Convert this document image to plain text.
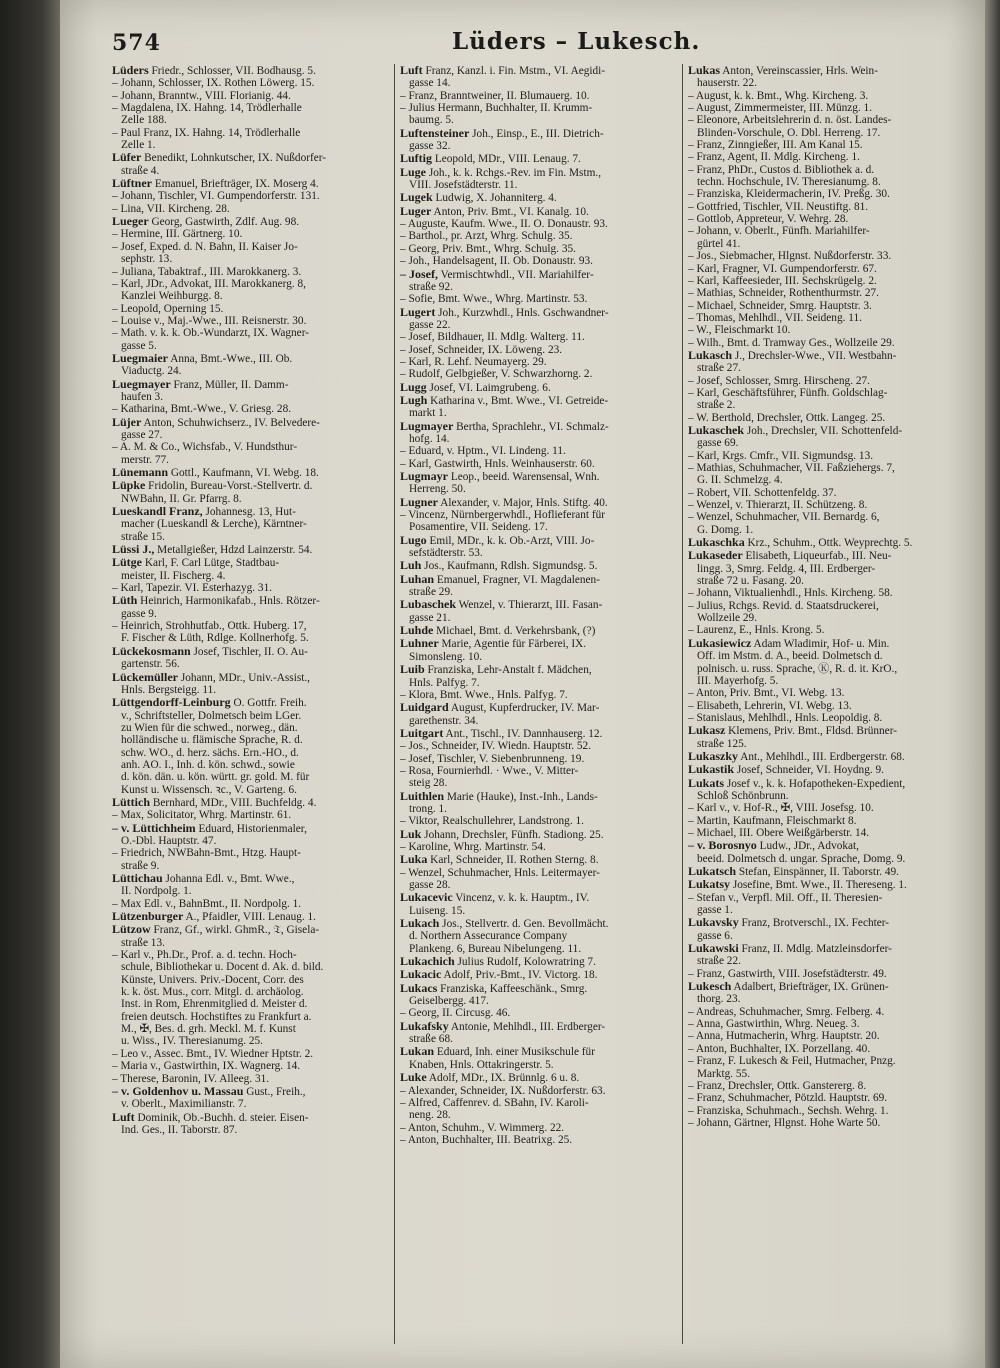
574	Lüders – Lukesch.

Lüders Friedr., Schlosser, VII. Bodhausg. 5.

– Johann, Schlosser, IX. Rothen Löwerg. 15.

– Johann, Branntw., VIII. Florianig. 44.

– Magdalena, IX. Hahng. 14, Trödlerhalle
Zelle 188.

– Paul Franz, IX. Hahng. 14, Trödlerhalle
Zelle 1.

Lüfer Benedikt, Lohnkutscher, IX. Nußdorfer-
straße 4.

Lüftner Emanuel, Briefträger, IX. Moserg 4.

– Johann, Tischler, VI. Gumpendorferstr. 131.

– Lina, VII. Kircheng. 28.

Lueger Georg, Gastwirth, Zdlf. Aug. 98.

– Hermine, III. Gärtnerg. 10.

– Josef, Exped. d. N. Bahn, II. Kaiser Jo-
sephstr. 13.

– Juliana, Tabaktraf., III. Marokkanerg. 3.

– Karl, JDr., Advokat, III. Marokkanerg. 8,
Kanzlei Weihburgg. 8.

– Leopold, Operning 15.

– Louise v., Maj.-Wwe., III. Reisnerstr. 30.

– Math. v. k. k. Ob.-Wundarzt, IX. Wagner-
gasse 5.

Luegmaier Anna, Bmt.-Wwe., III. Ob.
Viaductg. 24.

Luegmayer Franz, Müller, II. Damm-
haufen 3.

– Katharina, Bmt.-Wwe., V. Griesg. 28.

Lüjer Anton, Schuhwichserz., IV. Belvedere-
gasse 27.

– A. M. & Co., Wichsfab., V. Hundsthur-
merstr. 77.

Lünemann Gottl., Kaufmann, VI. Webg. 18.

Lüpke Fridolin, Bureau-Vorst.-Stellvertr. d.
NWBahn, II. Gr. Pfarrg. 8.

Lueskandl Franz, Johannesg. 13, Hut-
macher (Lueskandl & Lerche), Kärntner-
straße 15.

Lüssi J., Metallgießer, Hdzd Lainzerstr. 54.

Lütge Karl, F. Carl Lütge, Stadtbau-
meister, II. Fischerg. 4.

– Karl, Tapezir. VI. Esterhazyg. 31.

Lüth Heinrich, Harmonikafab., Hnls. Rötzer-
gasse 9.

– Heinrich, Strohhutfab., Ottk. Huberg. 17,
F. Fischer & Lüth, Rdlge. Kollnerhofg. 5.

Lückekosmann Josef, Tischler, II. O. Au-
gartenstr. 56.

Lückemüller Johann, MDr., Univ.-Assist.,
Hnls. Bergsteigg. 11.

Lüttgendorff-Leinburg O. Gottfr. Freih.
v., Schriftsteller, Dolmetsch beim LGer.
zu Wien für die schwed., norweg., dän.
holländische u. flämische Sprache, R. d.
schw. WO., d. herz. sächs. Ern.-HO., d.
anh. AO. I., Inh. d. kön. schwd., sowie
d. kön. dän. u. kön. württ. gr. gold. M. für
Kunst u. Wissensch. ꝛc., V. Garteng. 6.

Lüttich Bernhard, MDr., VIII. Buchfeldg. 4.

– Max, Solicitator, Whrg. Martinstr. 61.

– v. Lüttichheim Eduard, Historienmaler,
O.-Dbl. Hauptstr. 47.

– Friedrich, NWBahn-Bmt., Htzg. Haupt-
straße 9.

Lüttichau Johanna Edl. v., Bmt. Wwe.,
II. Nordpolg. 1.

– Max Edl. v., BahnBmt., II. Nordpolg. 1.

Lützenburger A., Pfaidler, VIII. Lenaug. 1.

Lützow Franz, Gf., wirkl. GhmR., 𝔗, Gisela-
straße 13.

– Karl v., Ph.Dr., Prof. a. d. techn. Hoch-
schule, Bibliothekar u. Docent d. Ak. d. bild.
Künste, Univers. Priv.-Docent, Corr. des
k. k. öst. Mus., corr. Mitgl. d. archäolog.
Inst. in Rom, Ehrenmitglied d. Meister d.
freien deutsch. Hochstiftes zu Frankfurt a.
M., ✠, Bes. d. grh. Meckl. M. f. Kunst
u. Wiss., IV. Theresianumg. 25.

– Leo v., Assec. Bmt., IV. Wiedner Hptstr. 2.

– Maria v., Gastwirthin, IX. Wagnerg. 14.

– Therese, Baronin, IV. Alleeg. 31.

– v. Goldenhov u. Massau Gust., Freih.,
v. Oberlt., Maximilianstr. 7.

Luft Dominik, Ob.-Buchh. d. steier. Eisen-
Ind. Ges., II. Taborstr. 87.

Luft Franz, Kanzl. i. Fin. Mstm., VI. Aegidi-
gasse 14.

– Franz, Branntweiner, II. Blumauerg. 10.

– Julius Hermann, Buchhalter, II. Krumm-
baumg. 5.

Luftensteiner Joh., Einsp., E., III. Dietrich-
gasse 32.

Luftig Leopold, MDr., VIII. Lenaug. 7.

Luge Joh., k. k. Rchgs.-Rev. im Fin. Mstm.,
VIII. Josefstädterstr. 11.

Lugek Ludwig, X. Johanniterg. 4.

Luger Anton, Priv. Bmt., VI. Kanalg. 10.

– Auguste, Kaufm. Wwe., II. O. Donaustr. 93.

– Barthol., pr. Arzt, Whrg. Schulg. 35.

– Georg, Priv. Bmt., Whrg. Schulg. 35.

– Joh., Handelsagent, II. Ob. Donaustr. 93.

– Josef, Vermischtwhdl., VII. Mariahilfer-
straße 92.

– Sofie, Bmt. Wwe., Whrg. Martinstr. 53.

Lugert Joh., Kurzwhdl., Hnls. Gschwandner-
gasse 22.

– Josef, Bildhauer, II. Mdlg. Walterg. 11.

– Josef, Schneider, IX. Löweng. 23.

– Karl, R. Lehf. Neumayerg. 29.

– Rudolf, Gelbgießer, V. Schwarzhorng. 2.

Lugg Josef, VI. Laimgrubeng. 6.

Lugh Katharina v., Bmt. Wwe., VI. Getreide-
markt 1.

Lugmayer Bertha, Sprachlehr., VI. Schmalz-
hofg. 14.

– Eduard, v. Hptm., VI. Lindeng. 11.

– Karl, Gastwirth, Hnls. Weinhauserstr. 60.

Lugmayr Leop., beeid. Warensensal, Wnh.
Herreng. 50.

Lugner Alexander, v. Major, Hnls. Stiftg. 40.

– Vincenz, Nürnbergerwhdl., Hoflieferant für
Posamentire, VII. Seideng. 17.

Lugo Emil, MDr., k. k. Ob.-Arzt, VIII. Jo-
sefstädterstr. 53.

Luh Jos., Kaufmann, Rdlsh. Sigmundsg. 5.

Luhan Emanuel, Fragner, VI. Magdalenen-
straße 29.

Lubaschek Wenzel, v. Thierarzt, III. Fasan-
gasse 21.

Luhde Michael, Bmt. d. Verkehrsbank, (?)

Luhner Marie, Agentie für Färberei, IX.
Simonsleng. 10.

Luib Franziska, Lehr-Anstalt f. Mädchen,
Hnls. Palfyg. 7.

– Klora, Bmt. Wwe., Hnls. Palfyg. 7.

Luidgard August, Kupferdrucker, IV. Mar-
garethenstr. 34.

Luitgart Ant., Tischl., IV. Dannhauserg. 12.

– Jos., Schneider, IV. Wiedn. Hauptstr. 52.

– Josef, Tischler, V. Siebenbrunneng. 19.

– Rosa, Fournierhdl. · Wwe., V. Mitter-
steig 28.

Luithlen Marie (Hauke), Inst.-Inh., Lands-
trong. 1.

– Viktor, Realschullehrer, Landstrong. 1.

Luk Johann, Drechsler, Fünfh. Stadiong. 25.

– Karoline, Whrg. Martinstr. 54.

Luka Karl, Schneider, II. Rothen Sterng. 8.

– Wenzel, Schuhmacher, Hnls. Leitermayer-
gasse 28.

Lukacevic Vincenz, v. k. k. Hauptm., IV.
Luiseng. 15.

Lukach Jos., Stellvertr. d. Gen. Bevollmächt.
d. Northern Assecurance Company
Plankeng. 6, Bureau Nibelungeng. 11.

Lukachich Julius Rudolf, Kolowratring 7.

Lukacic Adolf, Priv.-Bmt., IV. Victorg. 18.

Lukacs Franziska, Kaffeeschänk., Smrg.
Geiselbergg. 417.

– Georg, II. Circusg. 46.

Lukafsky Antonie, Mehlhdl., III. Erdberger-
straße 68.

Lukan Eduard, Inh. einer Musikschule für
Knaben, Hnls. Ottakringerstr. 5.

Luke Adolf, MDr., IX. Brünnlg. 6 u. 8.

– Alexander, Schneider, IX. Nußdorferstr. 63.

– Alfred, Caffenrev. d. SBahn, IV. Karoli-
neng. 28.

– Anton, Schuhm., V. Wimmerg. 22.

– Anton, Buchhalter, III. Beatrixg. 25.

Lukas Anton, Vereinscassier, Hrls. Wein-
hauserstr. 22.

– August, k. k. Bmt., Whg. Kircheng. 3.

– August, Zimmermeister, III. Münzg. 1.

– Eleonore, Arbeitslehrerin d. n. öst. Landes-
Blinden-Vorschule, O. Dbl. Herreng. 17.

– Franz, Zinngießer, III. Am Kanal 15.

– Franz, Agent, II. Mdlg. Kircheng. 1.

– Franz, PhDr., Custos d. Bibliothek a. d.
techn. Hochschule, IV. Theresianumg. 8.

– Franziska, Kleidermacherin, IV. Preßg. 30.

– Gottfried, Tischler, VII. Neustiftg. 81.

– Gottlob, Appreteur, V. Wehrg. 28.

– Johann, v. Oberlt., Fünfh. Mariahilfer-
gürtel 41.

– Jos., Siebmacher, Hlgnst. Nußdorferstr. 33.

– Karl, Fragner, VI. Gumpendorferstr. 67.

– Karl, Kaffeesieder, III. Sechskrügelg. 2.

– Mathias, Schneider, Rothenthurmstr. 27.

– Michael, Schneider, Smrg. Hauptstr. 3.

– Thomas, Mehlhdl., VII. Seideng. 11.

– W., Fleischmarkt 10.

– Wilh., Bmt. d. Tramway Ges., Wollzeile 29.

Lukasch J., Drechsler-Wwe., VII. Westbahn-
straße 27.

– Josef, Schlosser, Smrg. Hirscheng. 27.

– Karl, Geschäftsführer, Fünfh. Goldschlag-
straße 2.

– W. Berthold, Drechsler, Ottk. Langeg. 25.

Lukaschek Joh., Drechsler, VII. Schottenfeld-
gasse 69.

– Karl, Krgs. Cmfr., VII. Sigmundsg. 13.

– Mathias, Schuhmacher, VII. Faßziehergs. 7,
G. II. Schmelzg. 4.

– Robert, VII. Schottenfeldg. 37.

– Wenzel, v. Thierarzt, II. Schützeng. 8.

– Wenzel, Schuhmacher, VII. Bernardg. 6,
G. Domg. 1.

Lukaschka Krz., Schuhm., Ottk. Weyprechtg. 5.

Lukaseder Elisabeth, Liqueurfab., III. Neu-
lingg. 3, Smrg. Feldg. 4, III. Erdberger-
straße 72 u. Fasang. 20.

– Johann, Viktualienhdl., Hnls. Kircheng. 58.

– Julius, Rchgs. Revid. d. Staatsdruckerei,
Wollzeile 29.

– Laurenz, E., Hnls. Krong. 5.

Lukasiewicz Adam Wladimir, Hof- u. Min.
Off. im Mstm. d. A., beeid. Dolmetsch d.
polnisch. u. russ. Sprache, Ⓚ, R. d. it. KrO.,
III. Mayerhofg. 5.

– Anton, Priv. Bmt., VI. Webg. 13.

– Elisabeth, Lehrerin, VI. Webg. 13.

– Stanislaus, Mehlhdl., Hnls. Leopoldig. 8.

Lukasz Klemens, Priv. Bmt., Fldsd. Brünner-
straße 125.

Lukaszky Ant., Mehlhdl., III. Erdbergerstr. 68.

Lukastik Josef, Schneider, VI. Hoydng. 9.

Lukats Josef v., k. k. Hofapotheken-Expedient,
Schloß Schönbrunn.

– Karl v., v. Hof-R., ✠, VIII. Josefsg. 10.

– Martin, Kaufmann, Fleischmarkt 8.

– Michael, III. Obere Weißgärberstr. 14.

– v. Borosnyo Ludw., JDr., Advokat,
beeid. Dolmetsch d. ungar. Sprache, Domg. 9.

Lukatsch Stefan, Einspänner, II. Taborstr. 49.

Lukatsy Josefine, Bmt. Wwe., II. Thereseng. 1.

– Stefan v., Verpfl. Mil. Off., II. Theresien-
gasse 1.

Lukavsky Franz, Brotverschl., IX. Fechter-
gasse 6.

Lukawski Franz, II. Mdlg. Matzleinsdorfer-
straße 22.

– Franz, Gastwirth, VIII. Josefstädterstr. 49.

Lukesch Adalbert, Briefträger, IX. Grünen-
thorg. 23.

– Andreas, Schuhmacher, Smrg. Felberg. 4.

– Anna, Gastwirthin, Whrg. Neueg. 3.

– Anna, Hutmacherin, Whrg. Hauptstr. 20.

– Anton, Buchhalter, IX. Porzellang. 40.

– Franz, F. Lukesch & Feil, Hutmacher, Pnzg.
Marktg. 55.

– Franz, Drechsler, Ottk. Ganstererg. 8.

– Franz, Schuhmacher, Pötzld. Hauptstr. 69.

– Franziska, Schuhmach., Sechsh. Wehrg. 1.

– Johann, Gärtner, Hlgnst. Hohe Warte 50.
